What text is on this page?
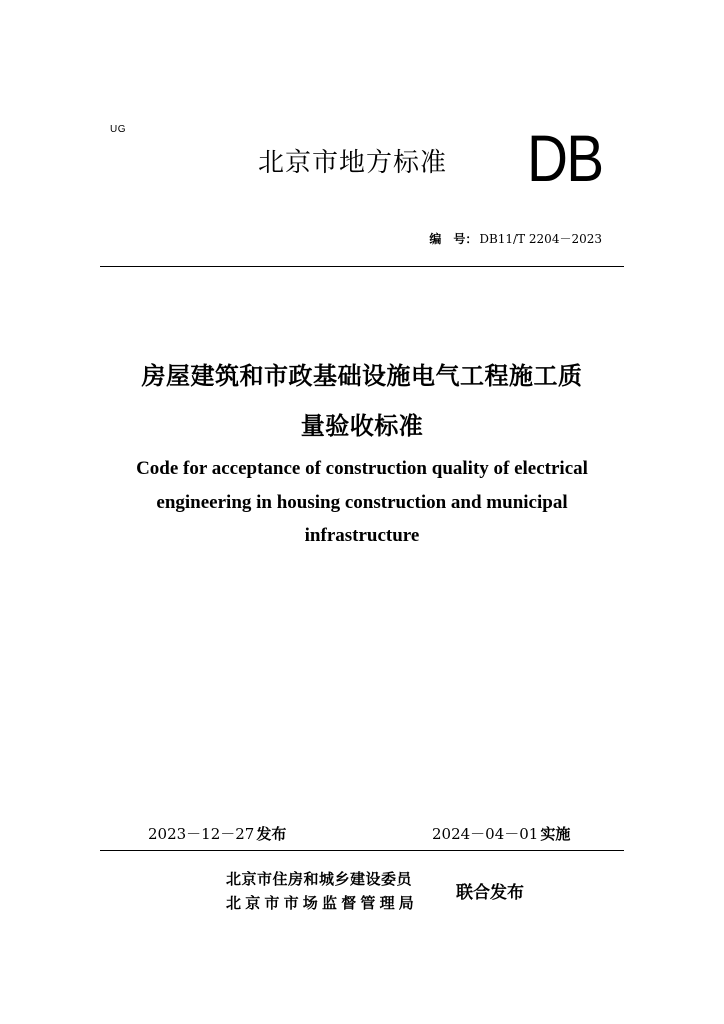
UG
北京市地方标准 DB
编　号： DB11/T 2204－2023
房屋建筑和市政基础设施电气工程施工质
量验收标准
Code for acceptance of construction quality of electrical
engineering in housing construction and municipal
infrastructure
2023－12－27 发布	2024－04－01 实施
北京市住房和城乡建设委员
北京市市场监督管理局 联合发布
